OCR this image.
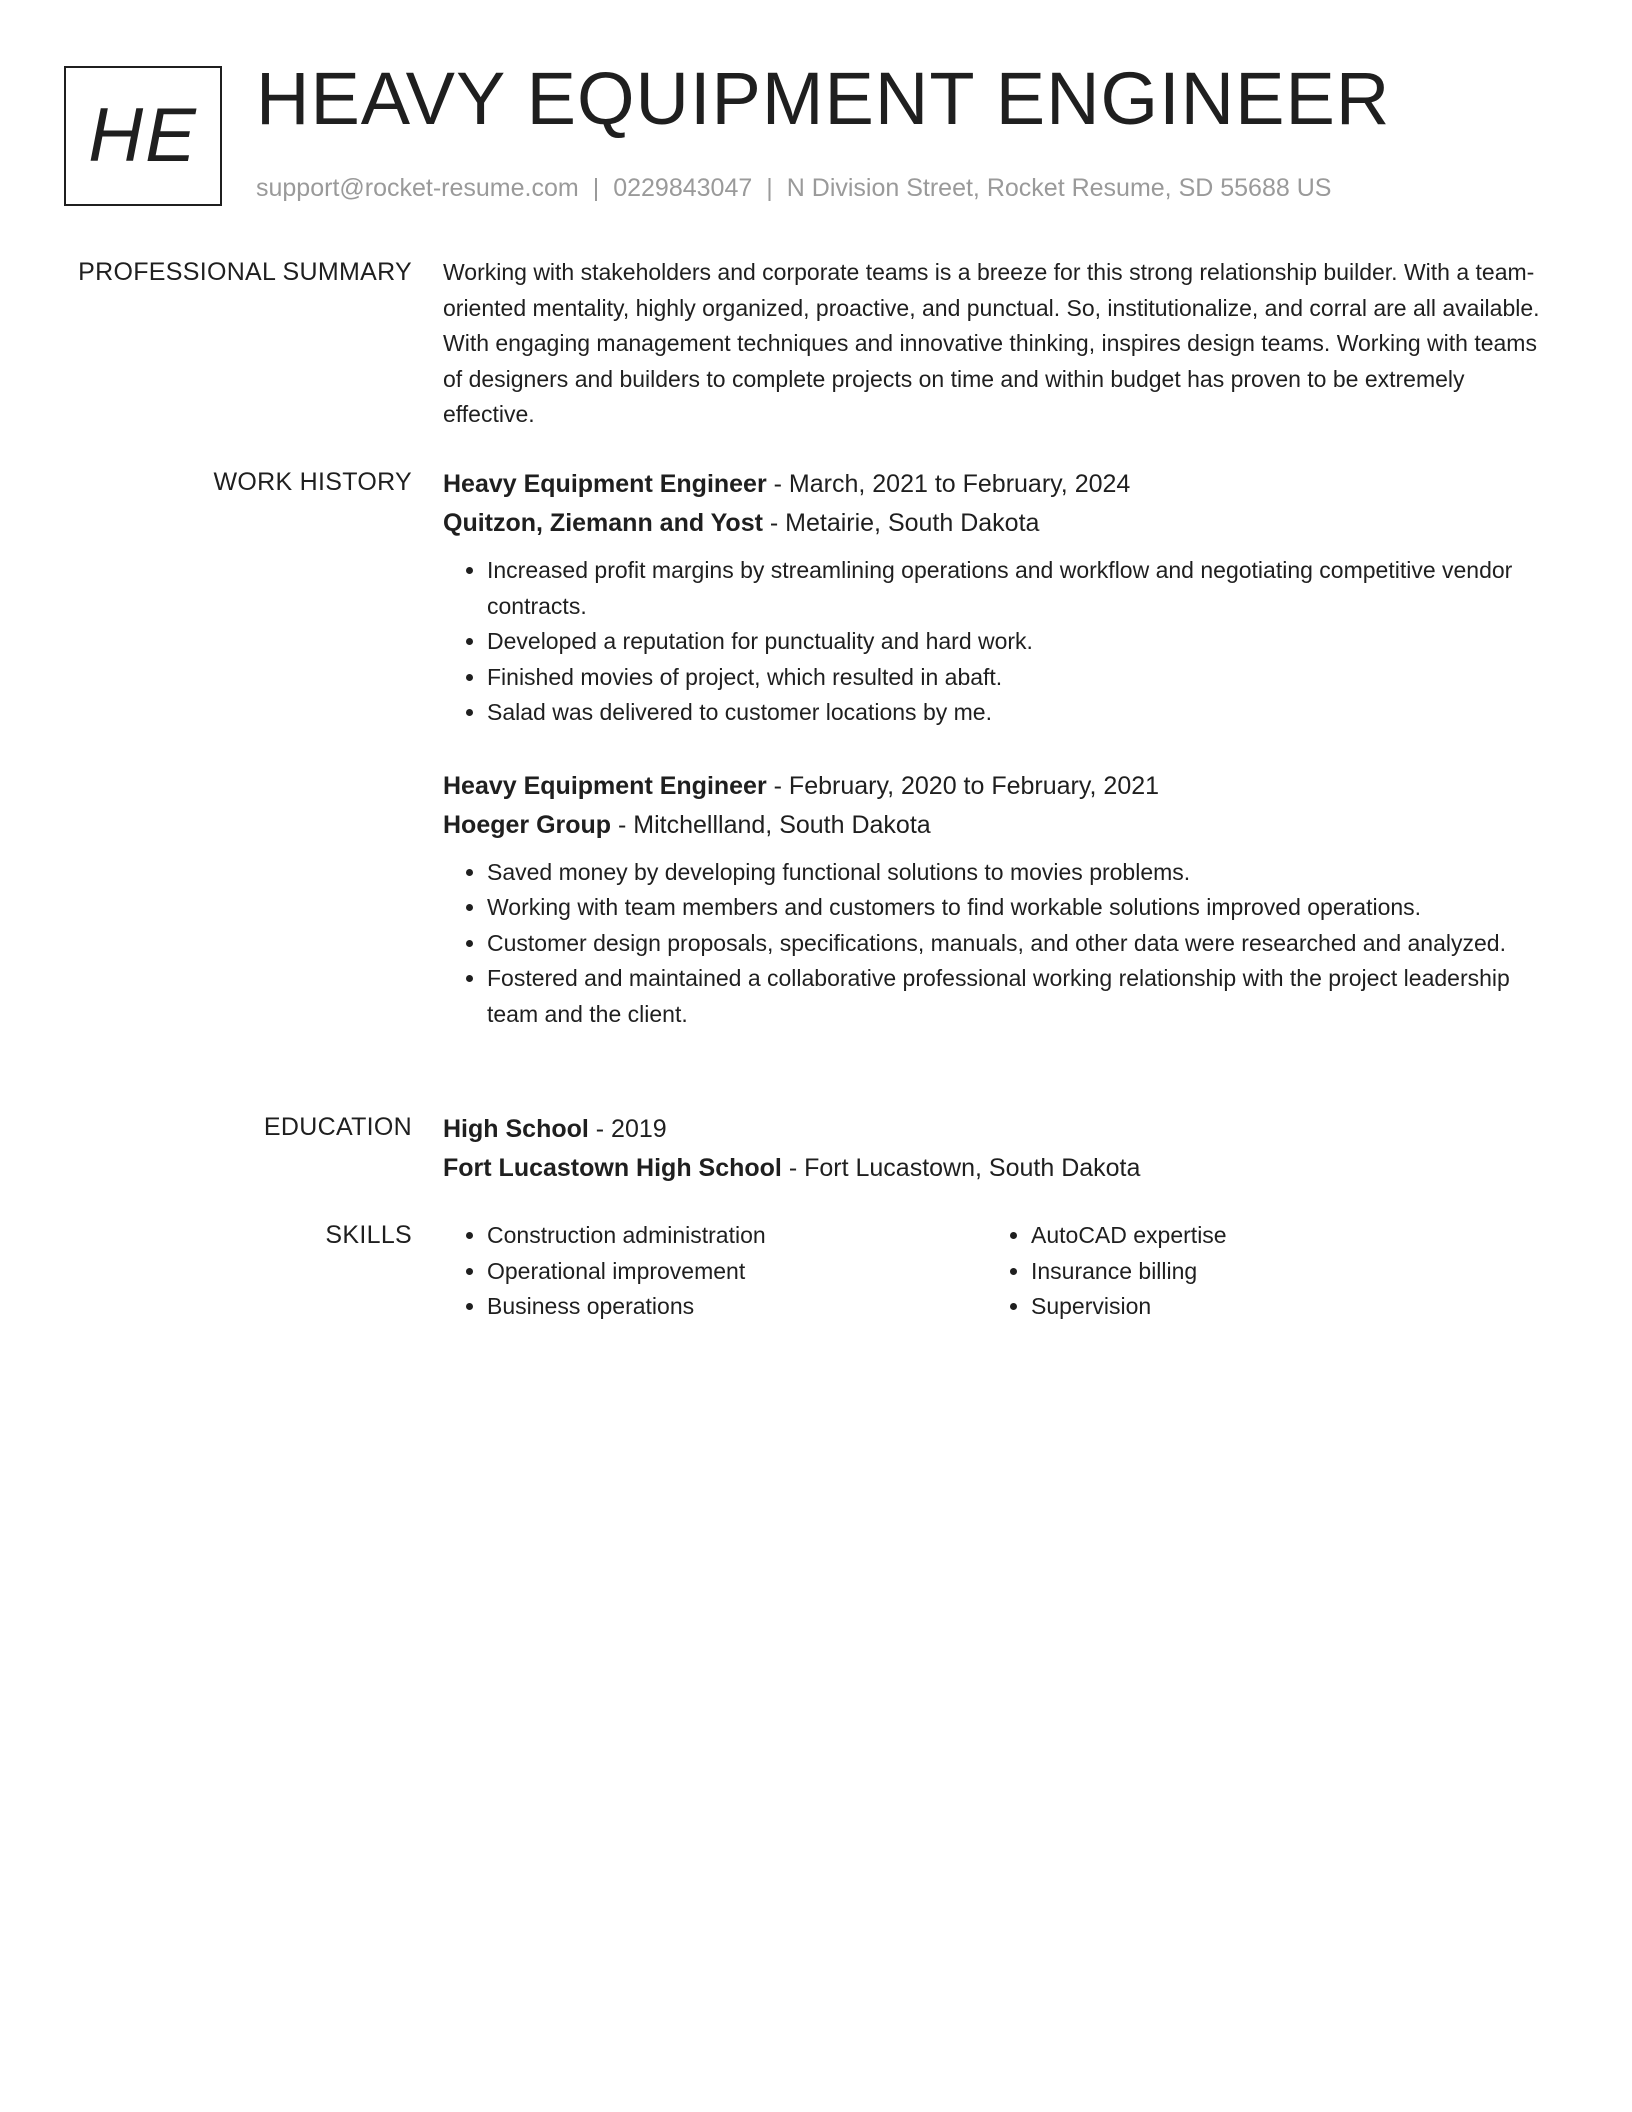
HE HEAVY EQUIPMENT ENGINEER
support@rocket-resume.com | 0229843047 | N Division Street, Rocket Resume, SD 55688 US
PROFESSIONAL SUMMARY Working with stakeholders and corporate teams is a breeze for this strong relationship builder. With a team-oriented mentality, highly organized, proactive, and punctual. So, institutionalize, and corral are all available. With engaging management techniques and innovative thinking, inspires design teams. Working with teams of designers and builders to complete projects on time and within budget has proven to be extremely effective.

WORK HISTORY Heavy Equipment Engineer - March, 2021 to February, 2024
Quitzon, Ziemann and Yost - Metairie, South Dakota
• Increased profit margins by streamlining operations and workflow and negotiating competitive vendor contracts.
• Developed a reputation for punctuality and hard work.
• Finished movies of project, which resulted in abaft.
• Salad was delivered to customer locations by me.
Heavy Equipment Engineer - February, 2020 to February, 2021
Hoeger Group - Mitchellland, South Dakota
• Saved money by developing functional solutions to movies problems.
• Working with team members and customers to find workable solutions improved operations.
• Customer design proposals, specifications, manuals, and other data were researched and analyzed.
• Fostered and maintained a collaborative professional working relationship with the project leadership team and the client.
EDUCATION High School - 2019
Fort Lucastown High School - Fort Lucastown, South Dakota
SKILLS
•	Construction administration
• Operational improvement
• Business operations
• AutoCAD expertise
• Insurance billing
• Supervision
